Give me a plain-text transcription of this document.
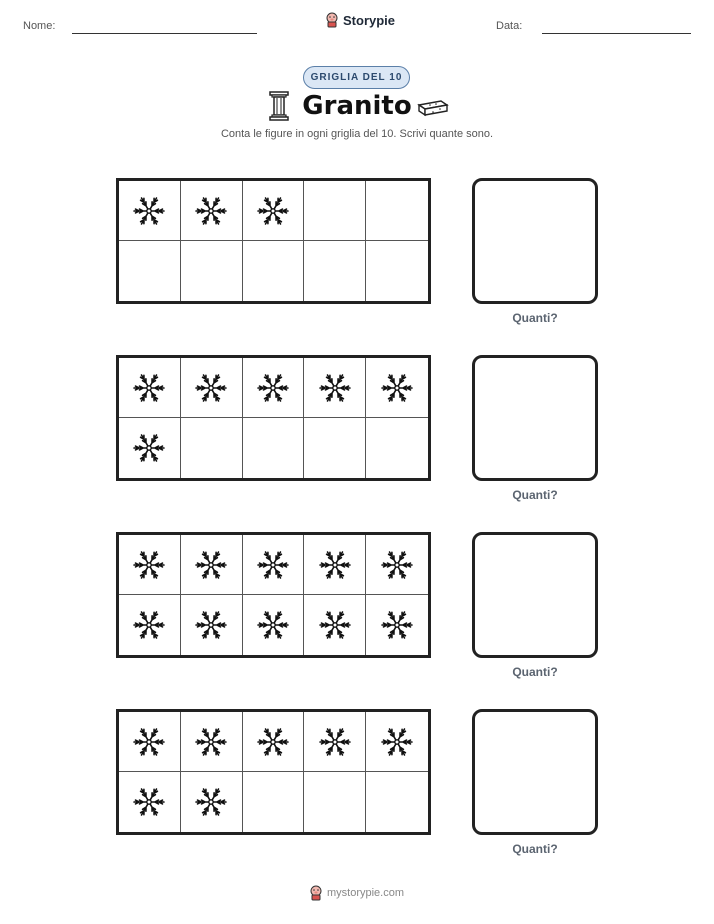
Nome:	Storypie	Data:
GRIGLIA DEL 10
Granito
Conta le figure in ogni griglia del 10. Scrivi quante sono.
Quanti?
Quanti?
Quanti?
Quanti?
mystorypie.com
